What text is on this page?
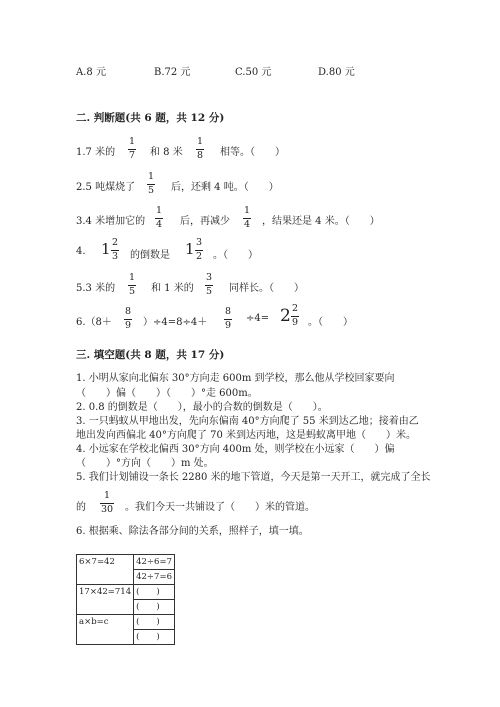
A.8 元	B.72 元	C.50 元	D.80 元
二. 判断题(共 6 题，共 12 分)
1.7 米的
1
7 和 8 米
1
8 相等。（　　）
2.5 吨煤烧了
1
5 后，还剩 4 吨。（　　）
3.4 米增加它的
1
4 后，再减少
1
4 ，结果还是 4 米。（　　）
4. 1 2
3 的倒数是 1 3
2 。（　　）
5.3 米的
1
5 和 1 米的
3
5 同样长。（　　）
6.（8＋
8
9 ）÷4=8÷4＋
8
9
÷4= 2 2
9 。（　　）
三. 填空题(共 8 题，共 17 分)
1. 小明从家向北偏东 30°方向走 600m 到学校，那么他从学校回家要向
（　　）偏（　　）（　　）°走 600m。
2. 0.8 的倒数是（　　），最小的合数的倒数是（　　）。
3. 一只蚂蚁从甲地出发，先向东偏南 40°方向爬了 55 米到达乙地；接着由乙
地出发向西偏北 40°方向爬了 70 米到达丙地，这是蚂蚁离甲地（　　）米。
4. 小远家在学校北偏西 30°方向 400m 处，则学校在小远家（　　）偏
（　　）°方向（　　）m 处。
5. 我们计划铺设一条长 2280 米的地下管道，今天是第一天开工，就完成了全长
的
1
30 。我们今天一共铺设了（　　）米的管道。
6. 根据乘、除法各部分间的关系，照样子，填一填。
6×7=42	42÷6=7
	42÷7=6
17×42=714	(　　)
	(　　)
a×b=c	(　　)
	(　　)
